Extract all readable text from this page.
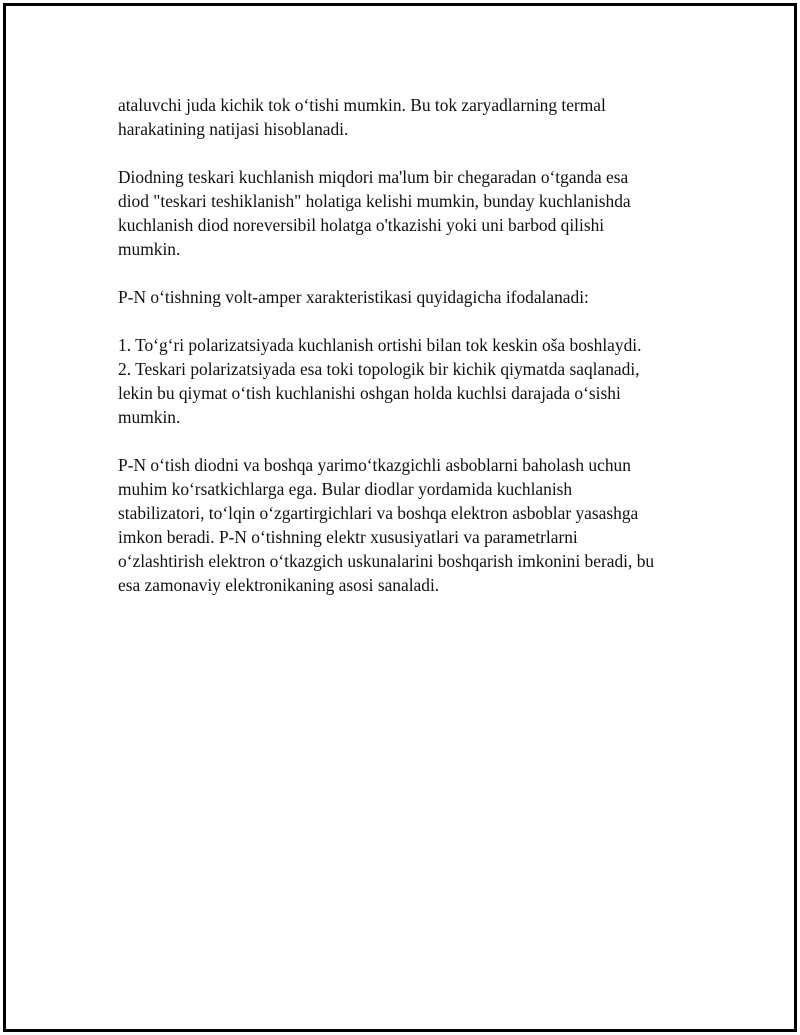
ataluvchi juda kichik tok o‘tishi mumkin. Bu tok zaryadlarning termal
harakatining natijasi hisoblanadi.

Diodning teskari kuchlanish miqdori ma'lum bir chegaradan o‘tganda esa
diod "teskari teshiklanish" holatiga kelishi mumkin, bunday kuchlanishda
kuchlanish diod noreversibil holatga o'tkazishi yoki uni barbod qilishi
mumkin.

P-N o‘tishning volt-amper xarakteristikasi quyidagicha ifodalanadi:

1. To‘g‘ri polarizatsiyada kuchlanish ortishi bilan tok keskin oša boshlaydi.
2. Teskari polarizatsiyada esa toki topologik bir kichik qiymatda saqlanadi,
lekin bu qiymat o‘tish kuchlanishi oshgan holda kuchlsi darajada o‘sishi
mumkin.

P-N o‘tish diodni va boshqa yarimo‘tkazgichli asboblarni baholash uchun
muhim ko‘rsatkichlarga ega. Bular diodlar yordamida kuchlanish
stabilizatori, to‘lqin o‘zgartirgichlari va boshqa elektron asboblar yasashga
imkon beradi. P-N o‘tishning elektr xususiyatlari va parametrlarni
o‘zlashtirish elektron o‘tkazgich uskunalarini boshqarish imkonini beradi, bu
esa zamonaviy elektronikaning asosi sanaladi.
